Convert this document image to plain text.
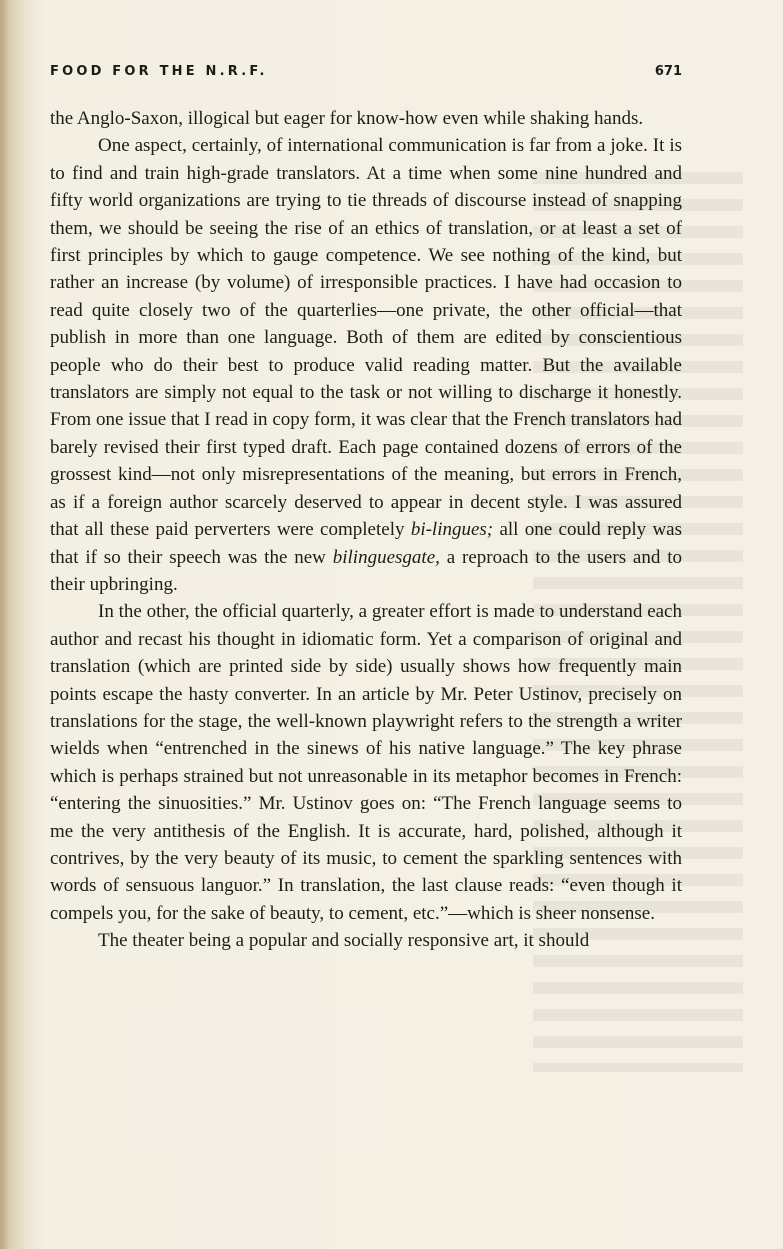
FOOD FOR THE N.R.F.	671

the Anglo-Saxon, illogical but eager for know-how even while shaking hands.

One aspect, certainly, of international communication is far from a joke. It is to find and train high-grade translators. At a time when some nine hundred and fifty world organizations are trying to tie threads of discourse instead of snapping them, we should be seeing the rise of an ethics of translation, or at least a set of first principles by which to gauge competence. We see nothing of the kind, but rather an increase (by volume) of irresponsible practices. I have had occasion to read quite closely two of the quarterlies—one private, the other official—that publish in more than one language. Both of them are edited by conscientious people who do their best to produce valid reading matter. But the available translators are simply not equal to the task or not willing to discharge it honestly. From one issue that I read in copy form, it was clear that the French translators had barely revised their first typed draft. Each page contained dozens of errors of the grossest kind—not only misrepresentations of the meaning, but errors in French, as if a foreign author scarcely deserved to appear in decent style. I was assured that all these paid perverters were completely bi-lingues; all one could reply was that if so their speech was the new bilinguesgate, a reproach to the users and to their upbringing.

In the other, the official quarterly, a greater effort is made to understand each author and recast his thought in idiomatic form. Yet a comparison of original and translation (which are printed side by side) usually shows how frequently main points escape the hasty converter. In an article by Mr. Peter Ustinov, precisely on translations for the stage, the well-known playwright refers to the strength a writer wields when “entrenched in the sinews of his native language.” The key phrase which is perhaps strained but not unreasonable in its metaphor becomes in French: “entering the sinuosities.” Mr. Ustinov goes on: “The French language seems to me the very antithesis of the English. It is accurate, hard, polished, although it contrives, by the very beauty of its music, to cement the sparkling sentences with words of sensuous languor.” In translation, the last clause reads: “even though it compels you, for the sake of beauty, to cement, etc.”—which is sheer nonsense.

The theater being a popular and socially responsive art, it should
